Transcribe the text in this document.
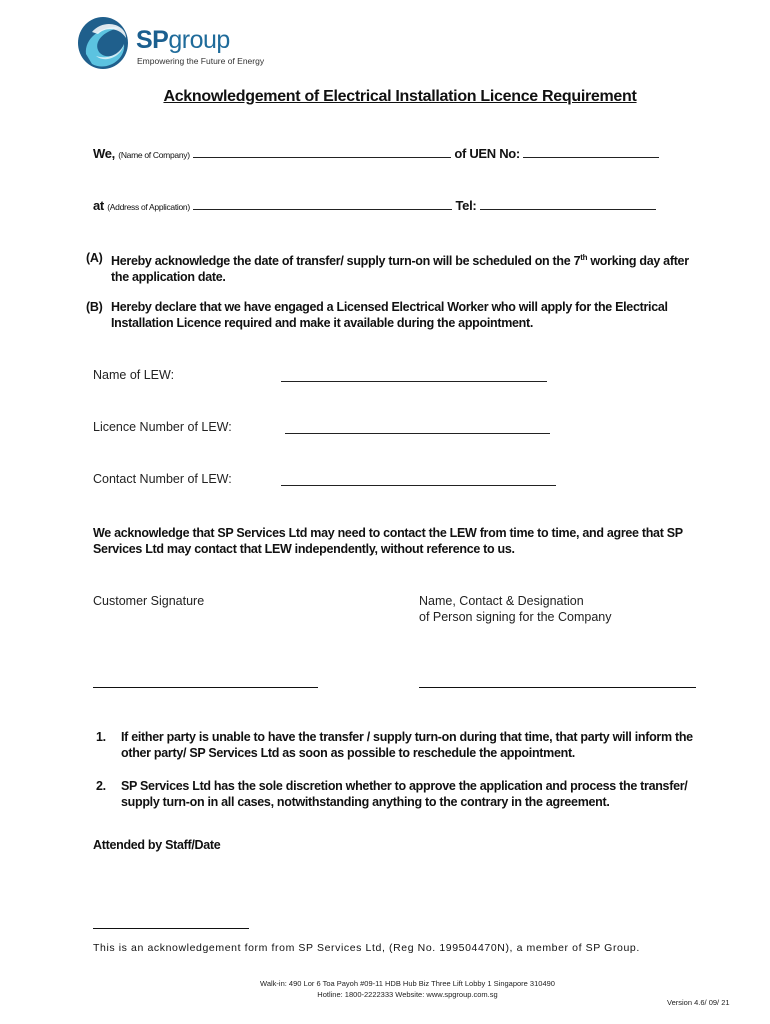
SPgroup
Empowering the Future of Energy
Acknowledgement of Electrical Installation Licence Requirement
We, (Name of Company)	of UEN No:
at (Address of Application)	Tel:
(A) Hereby acknowledge the date of transfer/ supply turn-on will be scheduled on the 7th working day after the application date.
(B) Hereby declare that we have engaged a Licensed Electrical Worker who will apply for the Electrical Installation Licence required and make it available during the appointment.
Name of LEW:
Licence Number of LEW:
Contact Number of LEW:
We acknowledge that SP Services Ltd may need to contact the LEW from time to time, and agree that SP Services Ltd may contact that LEW independently, without reference to us.
Customer Signature	Name, Contact & Designation
of Person signing for the Company
1. If either party is unable to have the transfer / supply turn-on during that time, that party will inform the other party/ SP Services Ltd as soon as possible to reschedule the appointment.
2. SP Services Ltd has the sole discretion whether to approve the application and process the transfer/ supply turn-on in all cases, notwithstanding anything to the contrary in the agreement.
Attended by Staff/Date
This is an acknowledgement form from SP Services Ltd, (Reg No. 199504470N), a member of SP Group.
Walk-in: 490 Lor 6 Toa Payoh #09-11 HDB Hub Biz Three Lift Lobby 1 Singapore 310490
Hotline: 1800-2222333 Website: www.spgroup.com.sg
Version 4.6/ 09/ 21
